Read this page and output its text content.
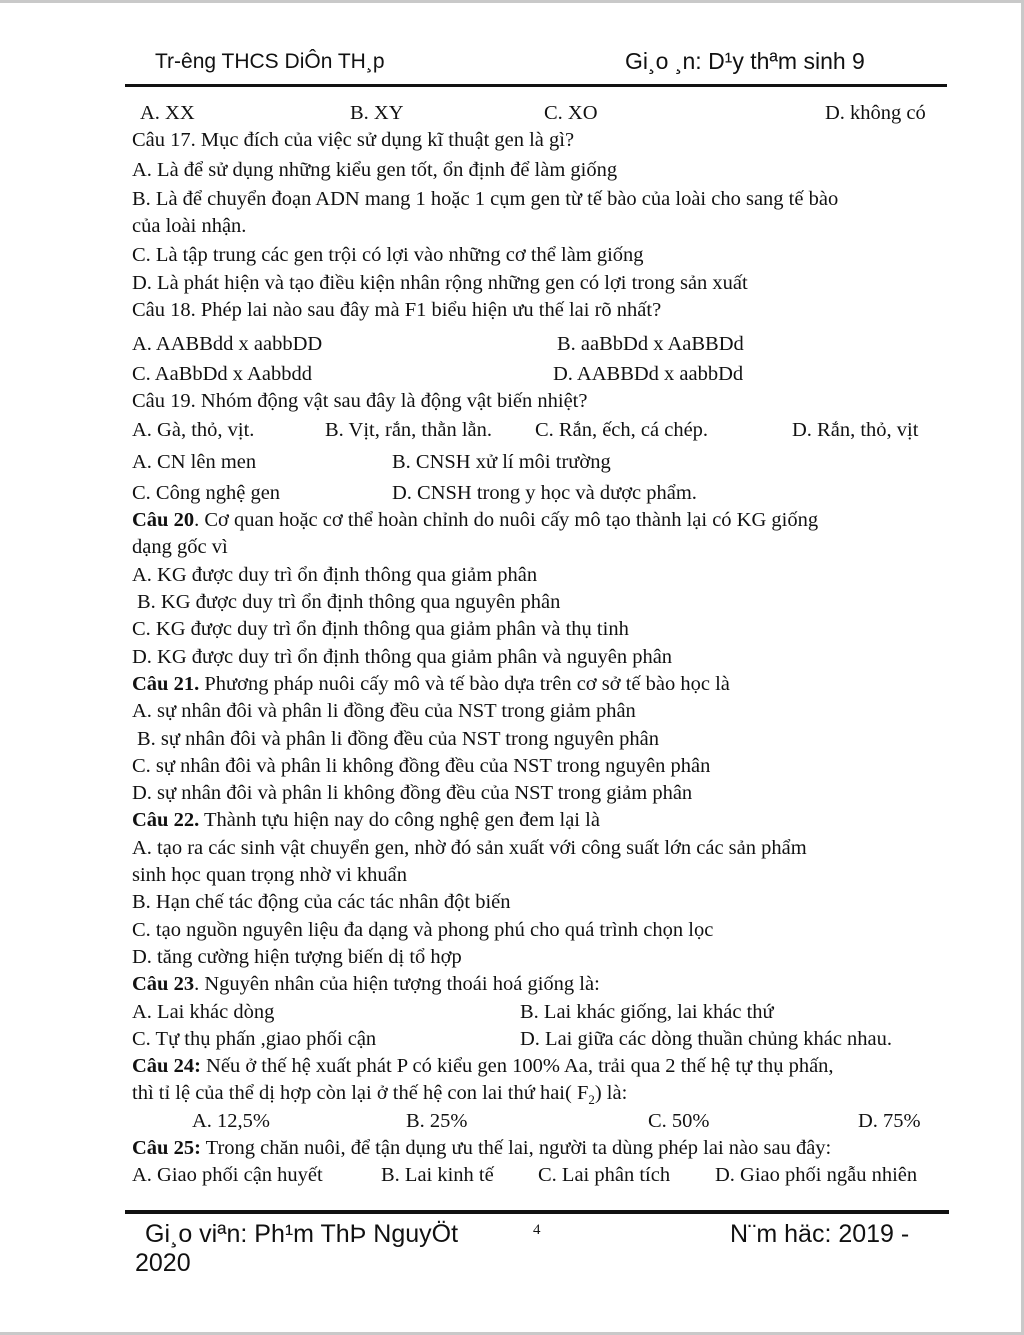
Tr-êng THCS DiÔn TH¸p	Gi¸o ¸n: D¹y thªm sinh 9
A. XX	B. XY	C. XO	D. không có
Câu 17. Mục đích của việc sử dụng kĩ thuật gen là gì?
A. Là để sử dụng những kiểu gen tốt, ổn định để làm giống
B. Là để chuyển đoạn ADN mang 1 hoặc 1 cụm gen từ tế bào của loài cho sang tế bào
của loài nhận.
C. Là tập trung các gen trội có lợi vào những cơ thể làm giống
D. Là phát hiện và tạo điều kiện nhân rộng những gen có lợi trong sản xuất
Câu 18. Phép lai nào sau đây mà F1 biểu hiện ưu thế lai rõ nhất?
A. AABBdd x aabbDD	B. aaBbDd x AaBBDd
C. AaBbDd x Aabbdd	D. AABBDd x aabbDd
Câu 19. Nhóm động vật sau đây là động vật biến nhiệt?
A. Gà, thỏ, vịt.	B. Vịt, rắn, thằn lằn. C. Rắn, ếch, cá chép.	D. Rắn, thỏ, vịt
A. CN lên men	B. CNSH xử lí môi trường
C. Công nghệ gen	D. CNSH trong y học và dược phẩm.
Câu 20. Cơ quan hoặc cơ thể hoàn chỉnh do nuôi cấy mô tạo thành lại có KG giống
dạng gốc vì
A. KG được duy trì ổn định thông qua giảm phân
B. KG được duy trì ổn định thông qua nguyên phân
C. KG được duy trì ổn định thông qua giảm phân và thụ tinh
D. KG được duy trì ổn định thông qua giảm phân và nguyên phân
Câu 21. Phương pháp nuôi cấy mô và tế bào dựa trên cơ sở tế bào học là
A. sự nhân đôi và phân li đồng đều của NST trong giảm phân
B. sự nhân đôi và phân li đồng đều của NST trong nguyên phân
C. sự nhân đôi và phân li không đồng đều của NST trong nguyên phân
D. sự nhân đôi và phân li không đồng đều của NST trong giảm phân
Câu 22. Thành tựu hiện nay do công nghệ gen đem lại là
A. tạo ra các sinh vật chuyển gen, nhờ đó sản xuất với công suất lớn các sản phẩm
sinh học quan trọng nhờ vi khuẩn
B. Hạn chế tác động của các tác nhân đột biến
C. tạo nguồn nguyên liệu đa dạng và phong phú cho quá trình chọn lọc
D. tăng cường hiện tượng biến dị tổ hợp
Câu 23. Nguyên nhân của hiện tượng thoái hoá giống là:
A. Lai khác dòng	B. Lai khác giống, lai khác thứ
C. Tự thụ phấn ,giao phối cận	D. Lai giữa các dòng thuần chủng khác nhau.
Câu 24: Nếu ở thế hệ xuất phát P có kiểu gen 100% Aa, trải qua 2 thế hệ tự thụ phấn,
thì tỉ lệ của thể dị hợp còn lại ở thế hệ con lai thứ hai( $F_2$) là:
A. 12,5%	B. 25%	C. 50%	D. 75%
Câu 25: Trong chăn nuôi, để tận dụng ưu thế lai, người ta dùng phép lai nào sau đây:
A. Giao phối cận huyết	B. Lai kinh tế C. Lai phân tích D. Giao phối ngẫu nhiên
Gi¸o viªn: Ph¹m ThÞ NguyÖt
2020
4	N¨m häc: 2019 -
